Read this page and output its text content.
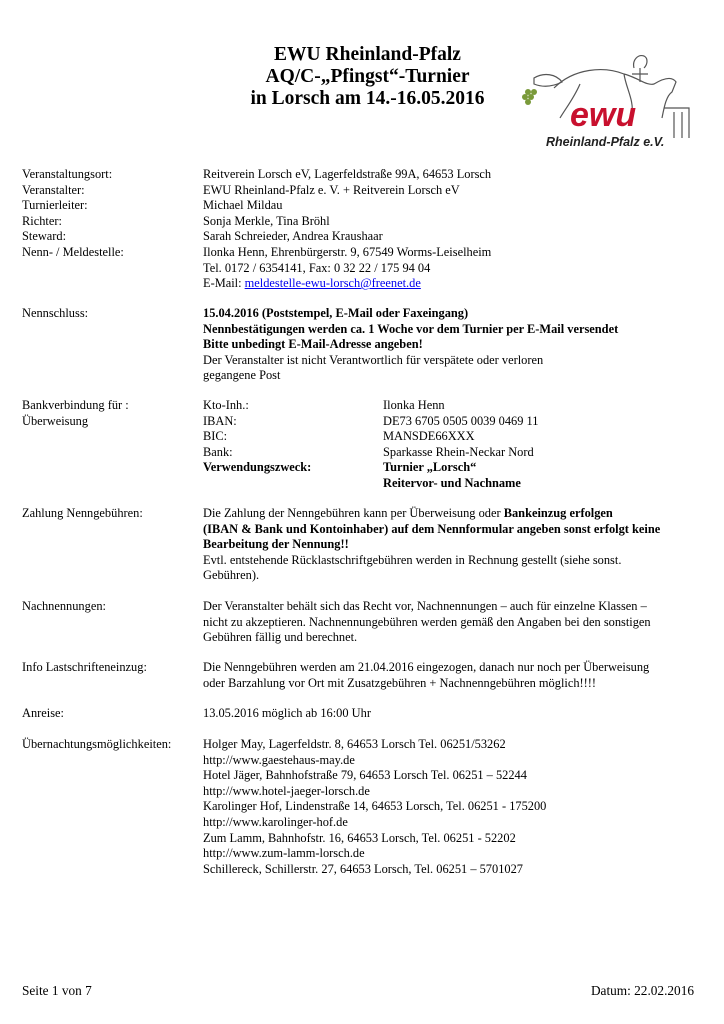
EWU Rheinland-Pfalz
AQ/C-„Pfingst“-Turnier
in Lorsch am 14.-16.05.2016	ewu
Rheinland-Pfalz e.V.
Veranstaltungsort:	Reitverein Lorsch eV, Lagerfeldstraße 99A, 64653 Lorsch
Veranstalter:	EWU Rheinland-Pfalz e. V. + Reitverein Lorsch eV
Turnierleiter:	Michael Mildau
Richter:	Sonja Merkle, Tina Bröhl
Steward:	Sarah Schreieder, Andrea Kraushaar
Nenn- / Meldestelle:	Ilonka Henn, Ehrenbürgerstr. 9, 67549 Worms-Leiselheim
Tel. 0172 / 6354141, Fax: 0 32 22 / 175 94 04
E-Mail: meldestelle-ewu-lorsch@freenet.de
Nennschluss:	15.04.2016 (Poststempel, E-Mail oder Faxeingang)
Nennbestätigungen werden ca. 1 Woche vor dem Turnier per E-Mail versendet
Bitte unbedingt E-Mail-Adresse angeben!
Der Veranstalter ist nicht Verantwortlich für verspätete oder verloren
gegangene Post
Bankverbindung für :
Überweisung
Kto-Inh.:	Ilonka Henn
IBAN:	DE73 6705 0505 0039 0469 11
BIC:	MANSDE66XXX
Bank:	Sparkasse Rhein-Neckar Nord
Verwendungszweck:	Turnier „Lorsch“
Reitervor- und Nachname
Zahlung Nenngebühren:	Die Zahlung der Nenngebühren kann per Überweisung oder Bankeinzug erfolgen
(IBAN & Bank und Kontoinhaber) auf dem Nennformular angeben sonst erfolgt keine
Bearbeitung der Nennung!!
Evtl. entstehende Rücklastschriftgebühren werden in Rechnung gestellt (siehe sonst.
Gebühren).
Nachnennungen:	Der Veranstalter behält sich das Recht vor, Nachnennungen – auch für einzelne Klassen –
nicht zu akzeptieren. Nachnennungebühren werden gemäß den Angaben bei den sonstigen
Gebühren fällig und berechnet.
Info Lastschrifteneinzug:	Die Nenngebühren werden am 21.04.2016 eingezogen, danach nur noch per Überweisung
oder Barzahlung vor Ort mit Zusatzgebühren + Nachnenngebühren möglich!!!!
Anreise:	13.05.2016 möglich ab 16:00 Uhr
Übernachtungsmöglichkeiten:	Holger May, Lagerfeldstr. 8, 64653 Lorsch Tel. 06251/53262
http://www.gaestehaus-may.de
Hotel Jäger, Bahnhofstraße 79, 64653 Lorsch Tel. 06251 – 52244
http://www.hotel-jaeger-lorsch.de
Karolinger Hof, Lindenstraße 14, 64653 Lorsch, Tel. 06251 - 175200
http://www.karolinger-hof.de
Zum Lamm, Bahnhofstr. 16, 64653 Lorsch, Tel. 06251 - 52202
http://www.zum-lamm-lorsch.de
Schillereck, Schillerstr. 27, 64653 Lorsch, Tel. 06251 – 5701027
Seite 1 von 7	Datum: 22.02.2016
